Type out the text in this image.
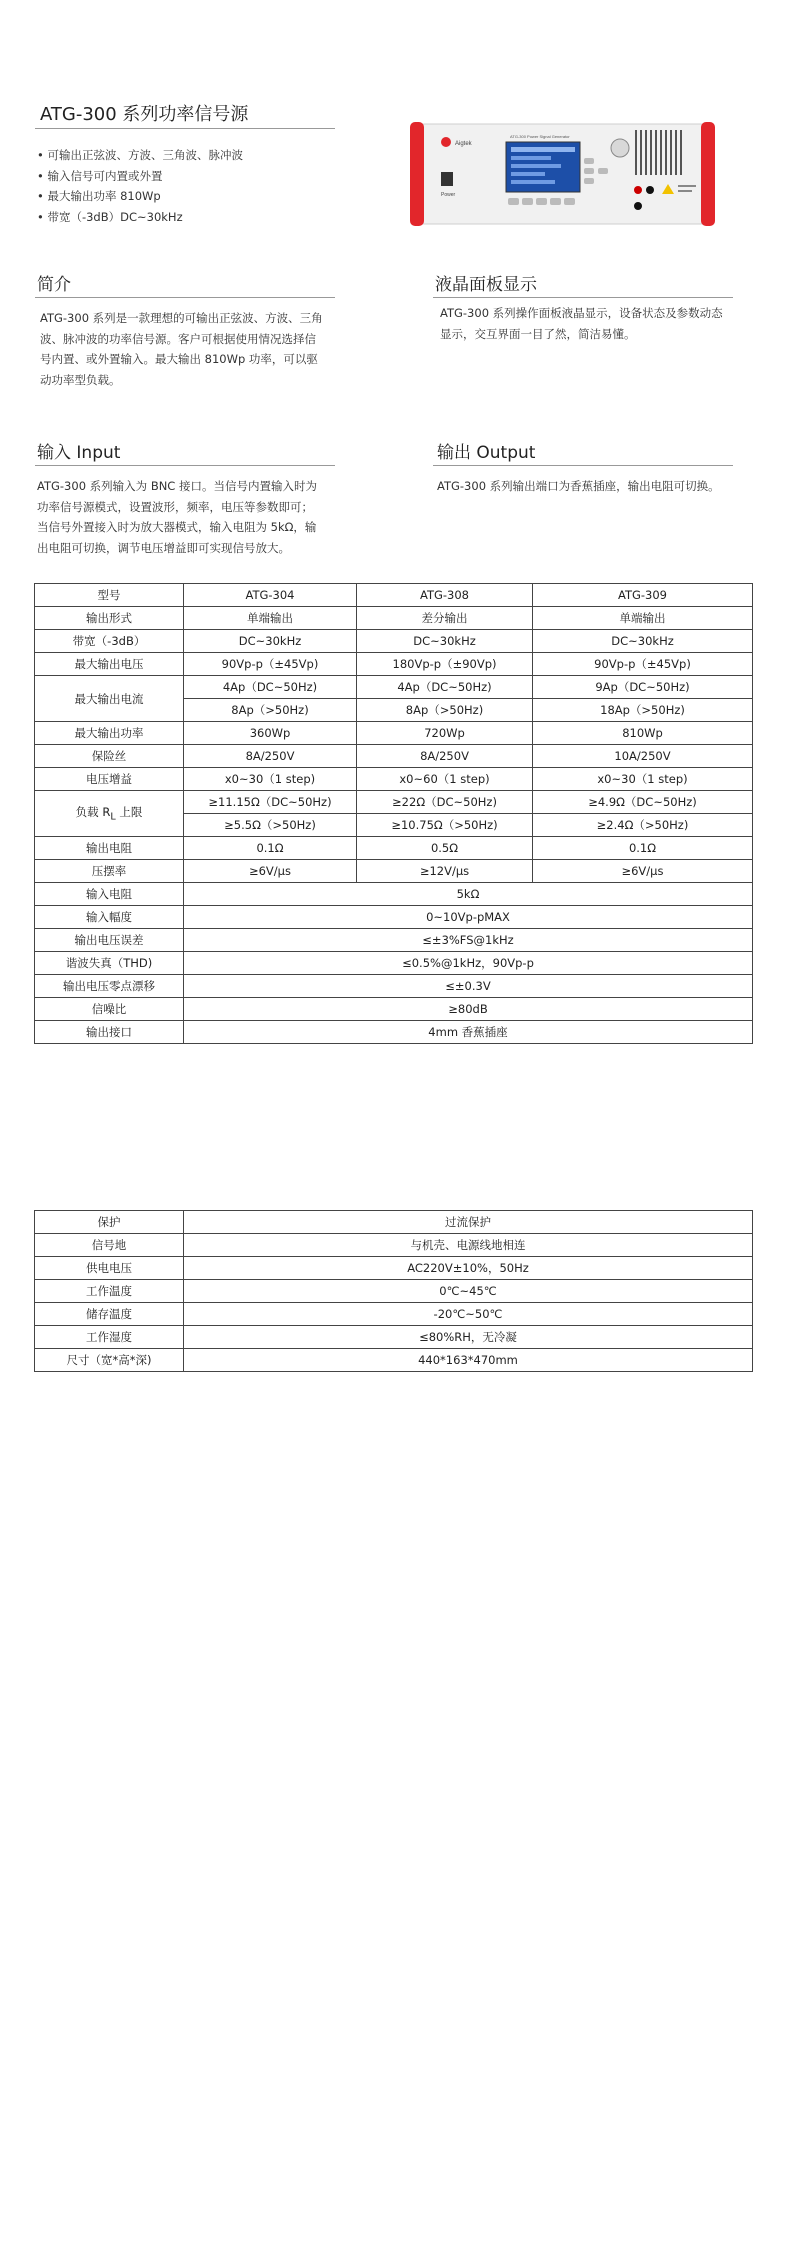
ATG-300 系列功率信号源
• 可输出正弦波、方波、三角波、脉冲波
• 输入信号可内置或外置
• 最大输出功率 810Wp
• 带宽（-3dB）DC~30kHz
Aigtek
Power
ATG-300 Power Signal Generator
简介
ATG-300 系列是一款理想的可输出正弦波、方波、三角
波、脉冲波的功率信号源。客户可根据使用情况选择信
号内置、或外置输入。最大输出 810Wp 功率，可以驱
动功率型负载。
液晶面板显示
ATG-300 系列操作面板液晶显示，设备状态及参数动态
显示，交互界面一目了然，简洁易懂。
输入 Input
ATG-300 系列输入为 BNC 接口。当信号内置输入时为
功率信号源模式，设置波形，频率，电压等参数即可；
当信号外置接入时为放大器模式，输入电阻为 5kΩ，输
出电阻可切换，调节电压增益即可实现信号放大。
输出 Output
ATG-300 系列输出端口为香蕉插座，输出电阻可切换。
型号	ATG-304	ATG-308	ATG-309
输出形式	单端输出	差分输出	单端输出
带宽（-3dB）	DC~30kHz	DC~30kHz	DC~30kHz
最大输出电压	90Vp-p（±45Vp)	180Vp-p（±90Vp)	90Vp-p（±45Vp)
最大输出电流	4Ap（DC~50Hz)	4Ap（DC~50Hz)	9Ap（DC~50Hz)
	8Ap（>50Hz)	8Ap（>50Hz)	18Ap（>50Hz)
最大输出功率	360Wp	720Wp	810Wp
保险丝	8A/250V	8A/250V	10A/250V
电压增益	x0~30（1 step)	x0~60（1 step)	x0~30（1 step)
负载 $R_L$ 上限	≥11.15Ω（DC~50Hz)	≥22Ω（DC~50Hz)	≥4.9Ω（DC~50Hz)
	≥5.5Ω（>50Hz)	≥10.75Ω（>50Hz)	≥2.4Ω（>50Hz)
输出电阻	0.1Ω	0.5Ω	0.1Ω
压摆率	≥6V/μs	≥12V/μs	≥6V/μs
输入电阻	5kΩ		
输入幅度	0~10Vp-pMAX		
输出电压误差	≤±3%FS@1kHz		
谐波失真（THD)	≤0.5%@1kHz，90Vp-p		
输出电压零点漂移	≤±0.3V		
信噪比	≥80dB		
输出接口	4mm 香蕉插座		
保护	过流保护
信号地	与机壳、电源线地相连
供电电压	AC220V±10%，50Hz
工作温度	0℃~45℃
储存温度	-20℃~50℃
工作湿度	≤80%RH，无冷凝
尺寸（宽*高*深)	440*163*470mm
